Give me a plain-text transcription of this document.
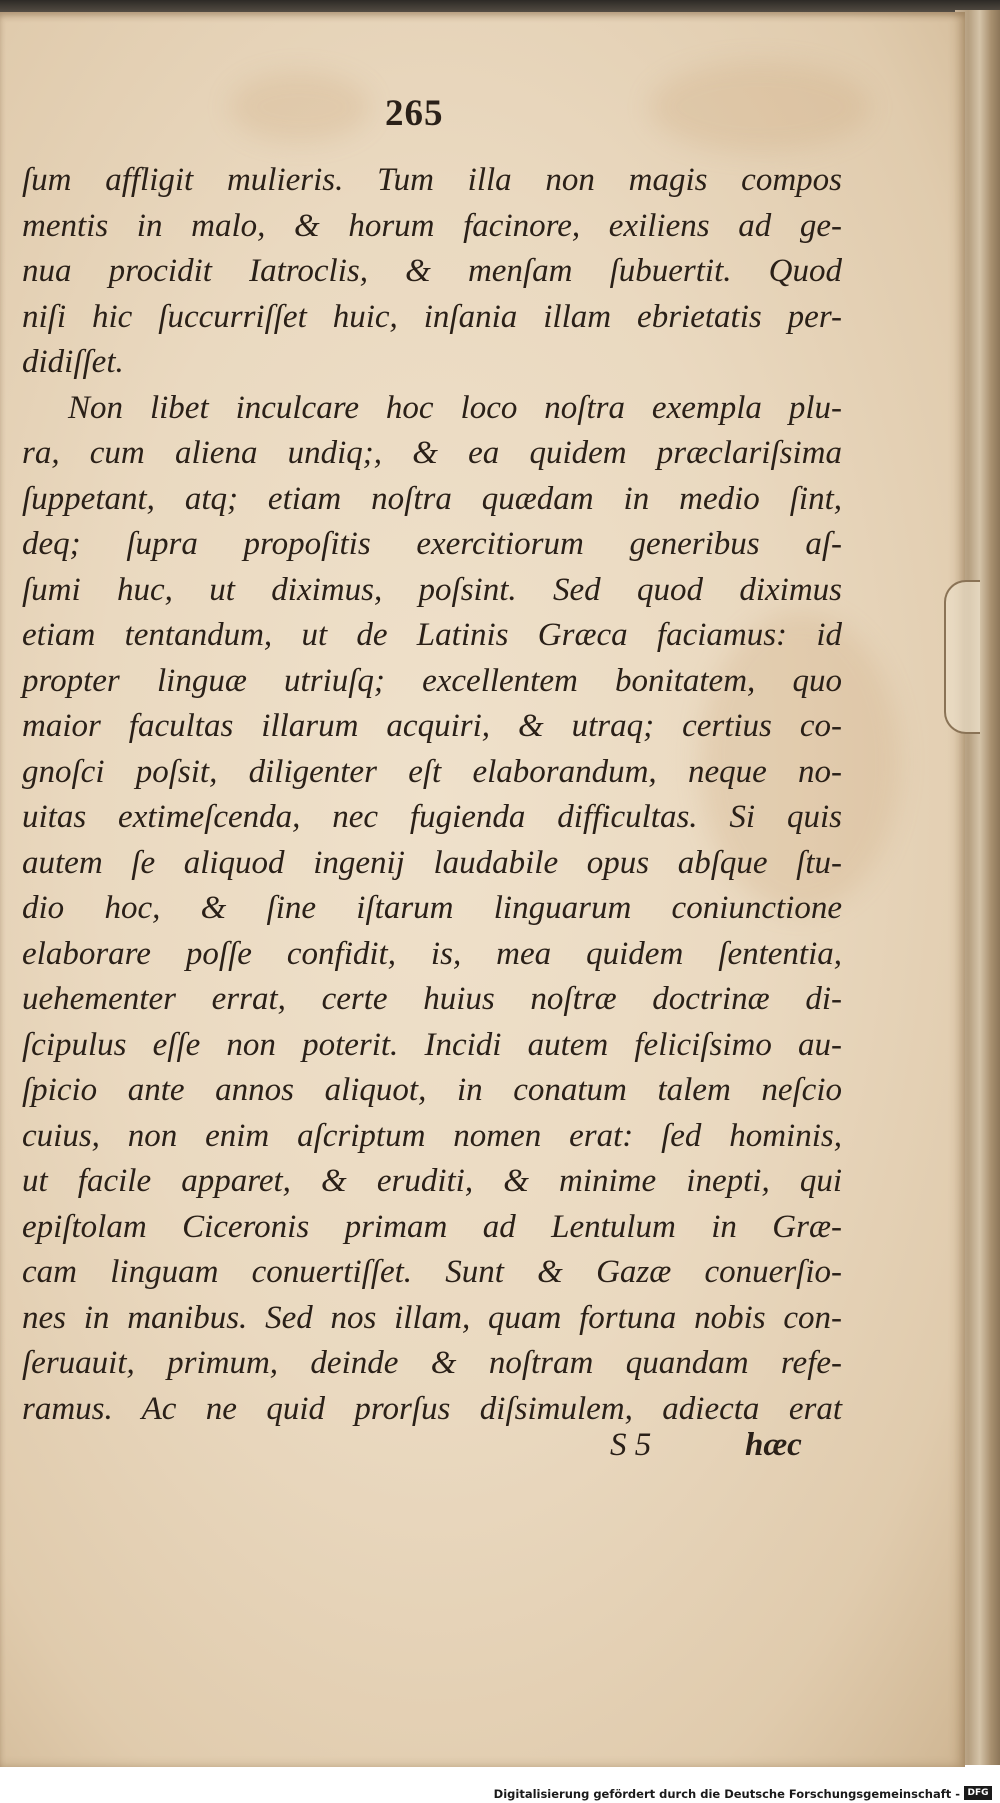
265
ſum affligit mulieris. Tum illa non magis compos
mentis in malo, & horum facinore, exiliens ad ge-
nua procidit Iatroclis, & menſam ſubuertit. Quod
niſi hic ſuccurriſſet huic, inſania illam ebrietatis per-
didiſſet.
Non libet inculcare hoc loco noſtra exempla plu-
ra, cum aliena undiq;, & ea quidem præclariſsima
ſuppetant, atq; etiam noſtra quædam in medio ſint,
deq; ſupra propoſitis exercitiorum generibus aſ-
ſumi huc, ut diximus, poſsint. Sed quod diximus
etiam tentandum, ut de Latinis Græca faciamus: id
propter linguæ utriuſq; excellentem bonitatem, quo
maior facultas illarum acquiri, & utraq; certius co-
gnoſci poſsit, diligenter eſt elaborandum, neque no-
uitas extimeſcenda, nec fugienda difficultas. Si quis
autem ſe aliquod ingenij laudabile opus abſque ſtu-
dio hoc, & ſine iſtarum linguarum coniunctione
elaborare poſſe confidit, is, mea quidem ſententia,
uehementer errat, certe huius noſtræ doctrinæ di-
ſcipulus eſſe non poterit. Incidi autem feliciſsimo au-
ſpicio ante annos aliquot, in conatum talem neſcio
cuius, non enim aſcriptum nomen erat: ſed hominis,
ut facile apparet, & eruditi, & minime inepti, qui
epiſtolam Ciceronis primam ad Lentulum in Græ-
cam linguam conuertiſſet. Sunt & Gazæ conuerſio-
nes in manibus. Sed nos illam, quam fortuna nobis con-
ſeruauit, primum, deinde & noſtram quandam refe-
ramus. Ac ne quid prorſus diſsimulem, adiecta erat
S 5	hæc
Digitalisierung gefördert durch die Deutsche Forschungsgemeinschaft - DFG
